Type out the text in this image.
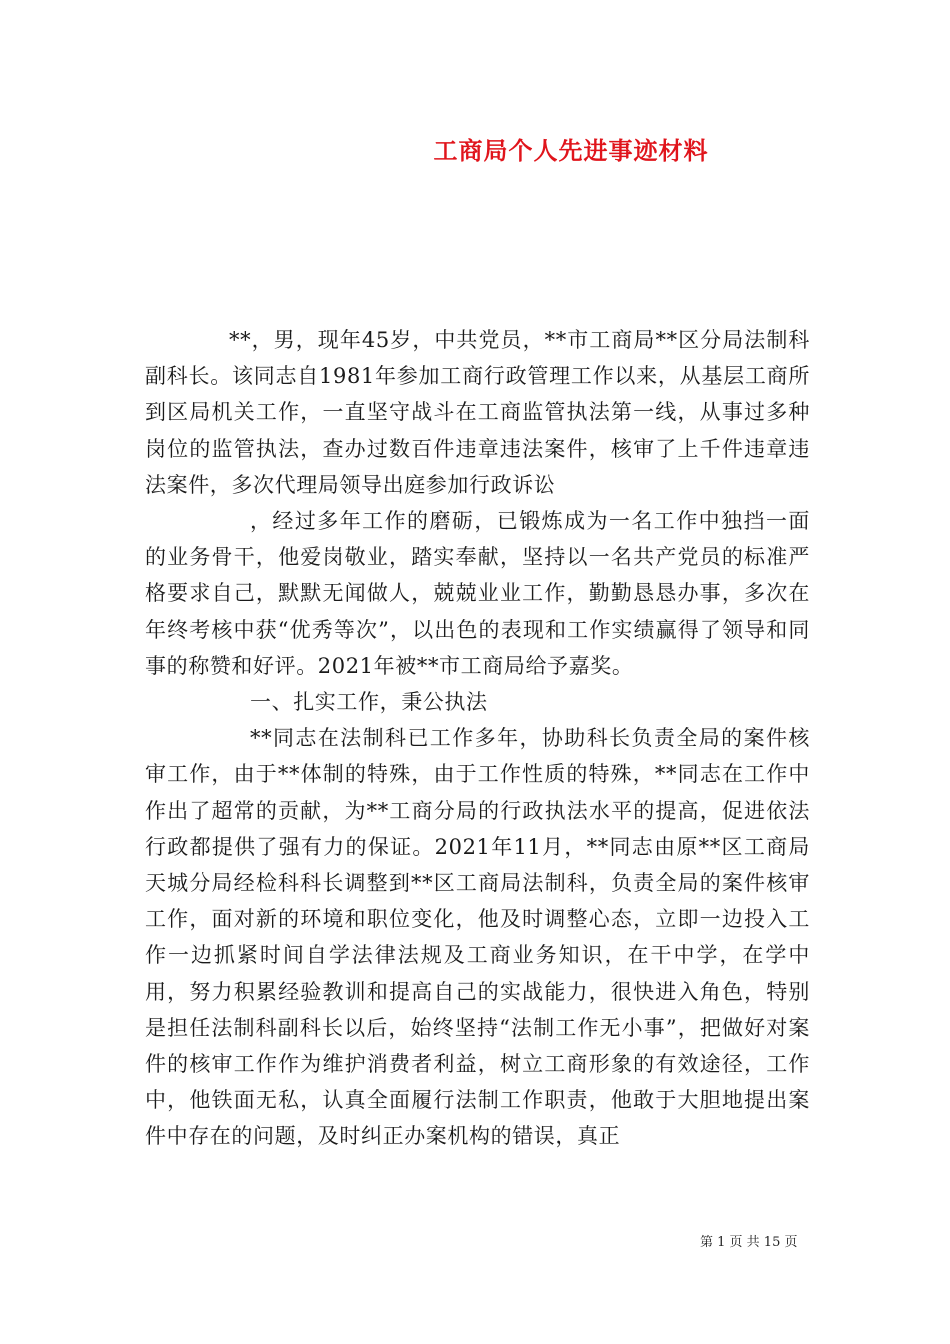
工商局个人先进事迹材料

**，男，现年45岁，中共党员，**市工商局**区分局法制科副科长。该同志自1981年参加工商行政管理工作以来，从基层工商所到区局机关工作，一直坚守战斗在工商监管执法第一线，从事过多种岗位的监管执法，查办过数百件违章违法案件，核审了上千件违章违法案件，多次代理局领导出庭参加行政诉讼

，经过多年工作的磨砺，已锻炼成为一名工作中独挡一面的业务骨干，他爱岗敬业，踏实奉献，坚持以一名共产党员的标准严格要求自己，默默无闻做人，兢兢业业工作，勤勤恳恳办事，多次在年终考核中获“优秀等次”，以出色的表现和工作实绩赢得了领导和同事的称赞和好评。2021年被**市工商局给予嘉奖。

一、扎实工作，秉公执法

**同志在法制科已工作多年，协助科长负责全局的案件核审工作，由于**体制的特殊，由于工作性质的特殊，**同志在工作中作出了超常的贡献，为**工商分局的行政执法水平的提高，促进依法行政都提供了强有力的保证。2021年11月，**同志由原**区工商局天城分局经检科科长调整到**区工商局法制科，负责全局的案件核审工作，面对新的环境和职位变化，他及时调整心态，立即一边投入工作一边抓紧时间自学法律法规及工商业务知识，在干中学，在学中用，努力积累经验教训和提高自己的实战能力，很快进入角色，特别是担任法制科副科长以后，始终坚持“法制工作无小事”，把做好对案件的核审工作作为维护消费者利益，树立工商形象的有效途径，工作中，他铁面无私，认真全面履行法制工作职责，他敢于大胆地提出案件中存在的问题，及时纠正办案机构的错误，真正

第 1 页 共 15 页
